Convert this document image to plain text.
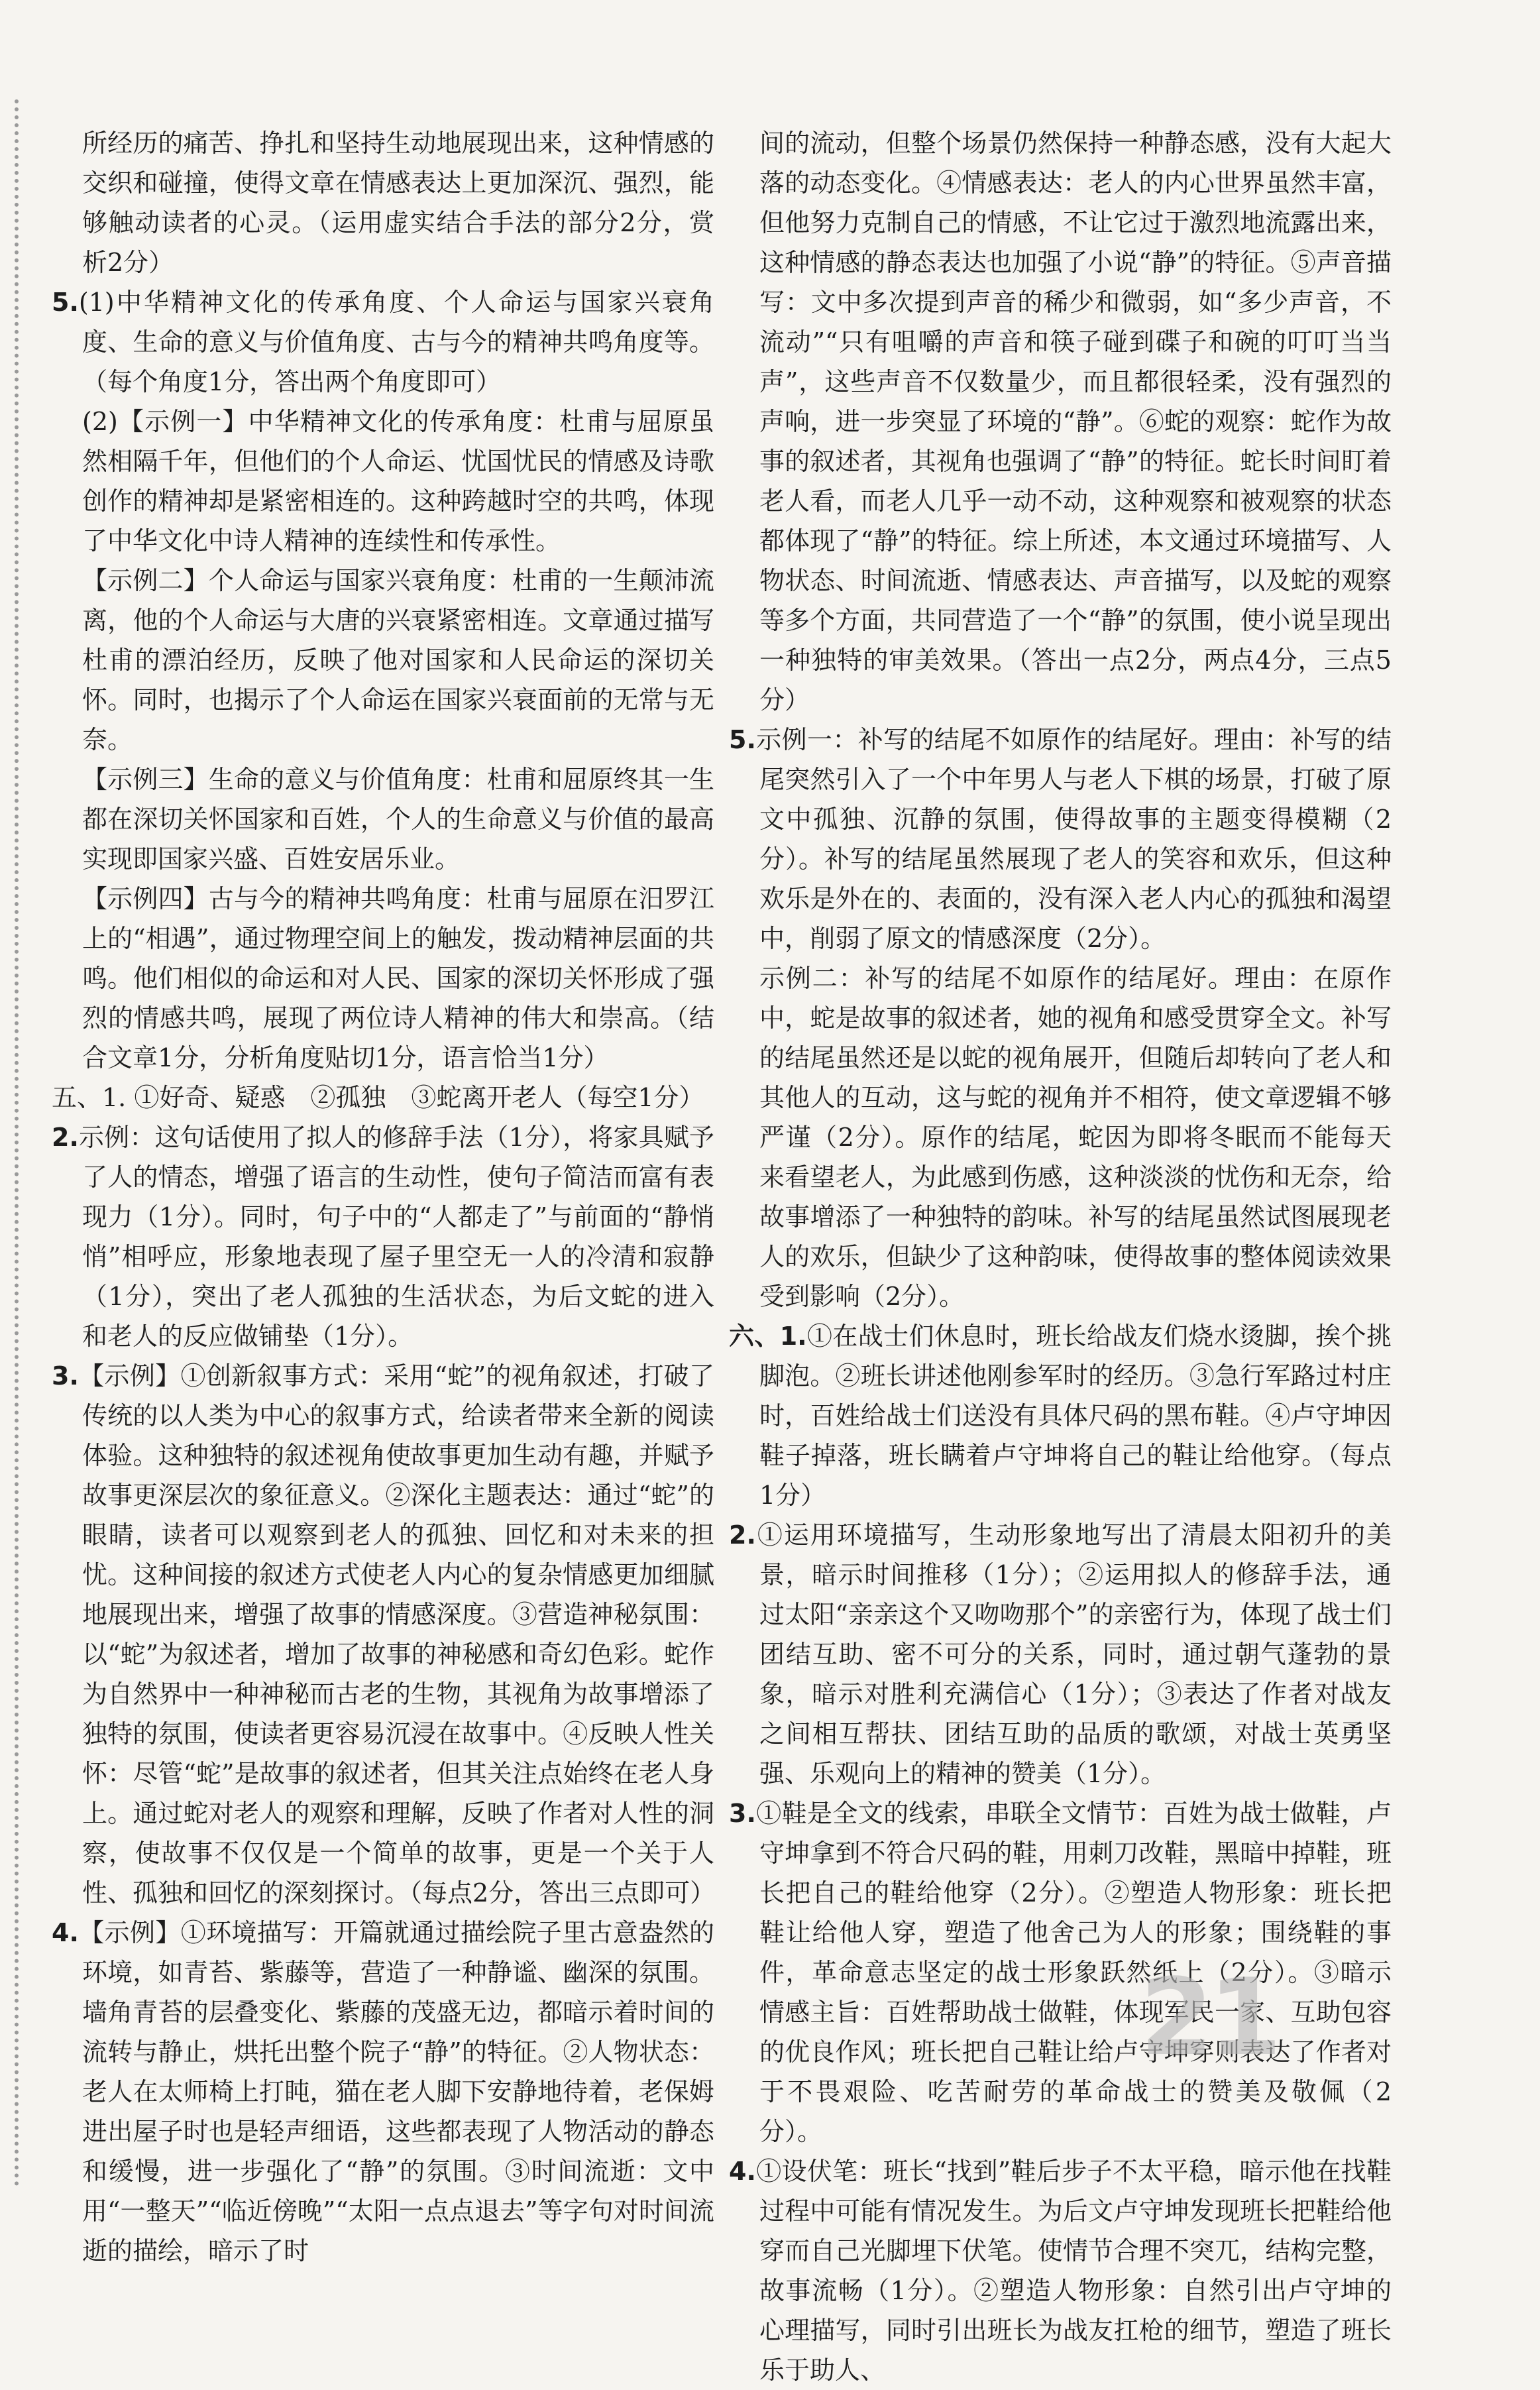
所经历的痛苦、挣扎和坚持生动地展现出来，这种情感的交织和碰撞，使得文章在情感表达上更加深沉、强烈，能够触动读者的心灵。（运用虚实结合手法的部分2分，赏析2分）

5.(1)中华精神文化的传承角度、个人命运与国家兴衰角度、生命的意义与价值角度、古与今的精神共鸣角度等。（每个角度1分，答出两个角度即可）

(2)【示例一】中华精神文化的传承角度：杜甫与屈原虽然相隔千年，但他们的个人命运、忧国忧民的情感及诗歌创作的精神却是紧密相连的。这种跨越时空的共鸣，体现了中华文化中诗人精神的连续性和传承性。

【示例二】个人命运与国家兴衰角度：杜甫的一生颠沛流离，他的个人命运与大唐的兴衰紧密相连。文章通过描写杜甫的漂泊经历，反映了他对国家和人民命运的深切关怀。同时，也揭示了个人命运在国家兴衰面前的无常与无奈。

【示例三】生命的意义与价值角度：杜甫和屈原终其一生都在深切关怀国家和百姓，个人的生命意义与价值的最高实现即国家兴盛、百姓安居乐业。

【示例四】古与今的精神共鸣角度：杜甫与屈原在汨罗江上的“相遇”，通过物理空间上的触发，拨动精神层面的共鸣。他们相似的命运和对人民、国家的深切关怀形成了强烈的情感共鸣，展现了两位诗人精神的伟大和崇高。（结合文章1分，分析角度贴切1分，语言恰当1分）

五、1. ①好奇、疑惑　②孤独　③蛇离开老人（每空1分）

2.示例：这句话使用了拟人的修辞手法（1分），将家具赋予了人的情态，增强了语言的生动性，使句子简洁而富有表现力（1分）。同时，句子中的“人都走了”与前面的“静悄悄”相呼应，形象地表现了屋子里空无一人的冷清和寂静（1分），突出了老人孤独的生活状态，为后文蛇的进入和老人的反应做铺垫（1分）。

3.【示例】①创新叙事方式：采用“蛇”的视角叙述，打破了传统的以人类为中心的叙事方式，给读者带来全新的阅读体验。这种独特的叙述视角使故事更加生动有趣，并赋予故事更深层次的象征意义。②深化主题表达：通过“蛇”的眼睛，读者可以观察到老人的孤独、回忆和对未来的担忧。这种间接的叙述方式使老人内心的复杂情感更加细腻地展现出来，增强了故事的情感深度。③营造神秘氛围：以“蛇”为叙述者，增加了故事的神秘感和奇幻色彩。蛇作为自然界中一种神秘而古老的生物，其视角为故事增添了独特的氛围，使读者更容易沉浸在故事中。④反映人性关怀：尽管“蛇”是故事的叙述者，但其关注点始终在老人身上。通过蛇对老人的观察和理解，反映了作者对人性的洞察，使故事不仅仅是一个简单的故事，更是一个关于人性、孤独和回忆的深刻探讨。（每点2分，答出三点即可）

4.【示例】①环境描写：开篇就通过描绘院子里古意盎然的环境，如青苔、紫藤等，营造了一种静谧、幽深的氛围。墙角青苔的层叠变化、紫藤的茂盛无边，都暗示着时间的流转与静止，烘托出整个院子“静”的特征。②人物状态：老人在太师椅上打盹，猫在老人脚下安静地待着，老保姆进出屋子时也是轻声细语，这些都表现了人物活动的静态和缓慢，进一步强化了“静”的氛围。③时间流逝：文中用“一整天”“临近傍晚”“太阳一点点退去”等字句对时间流逝的描绘，暗示了时

间的流动，但整个场景仍然保持一种静态感，没有大起大落的动态变化。④情感表达：老人的内心世界虽然丰富，但他努力克制自己的情感，不让它过于激烈地流露出来，这种情感的静态表达也加强了小说“静”的特征。⑤声音描写：文中多次提到声音的稀少和微弱，如“多少声音，不流动”“只有咀嚼的声音和筷子碰到碟子和碗的叮叮当当声”，这些声音不仅数量少，而且都很轻柔，没有强烈的声响，进一步突显了环境的“静”。⑥蛇的观察：蛇作为故事的叙述者，其视角也强调了“静”的特征。蛇长时间盯着老人看，而老人几乎一动不动，这种观察和被观察的状态都体现了“静”的特征。综上所述，本文通过环境描写、人物状态、时间流逝、情感表达、声音描写，以及蛇的观察等多个方面，共同营造了一个“静”的氛围，使小说呈现出一种独特的审美效果。（答出一点2分，两点4分，三点5分）

5.示例一：补写的结尾不如原作的结尾好。理由：补写的结尾突然引入了一个中年男人与老人下棋的场景，打破了原文中孤独、沉静的氛围，使得故事的主题变得模糊（2分）。补写的结尾虽然展现了老人的笑容和欢乐，但这种欢乐是外在的、表面的，没有深入老人内心的孤独和渴望中，削弱了原文的情感深度（2分）。

示例二：补写的结尾不如原作的结尾好。理由：在原作中，蛇是故事的叙述者，她的视角和感受贯穿全文。补写的结尾虽然还是以蛇的视角展开，但随后却转向了老人和其他人的互动，这与蛇的视角并不相符，使文章逻辑不够严谨（2分）。原作的结尾，蛇因为即将冬眠而不能每天来看望老人，为此感到伤感，这种淡淡的忧伤和无奈，给故事增添了一种独特的韵味。补写的结尾虽然试图展现老人的欢乐，但缺少了这种韵味，使得故事的整体阅读效果受到影响（2分）。

六、1.①在战士们休息时，班长给战友们烧水烫脚，挨个挑脚泡。②班长讲述他刚参军时的经历。③急行军路过村庄时，百姓给战士们送没有具体尺码的黑布鞋。④卢守坤因鞋子掉落，班长瞒着卢守坤将自己的鞋让给他穿。（每点1分）

2.①运用环境描写，生动形象地写出了清晨太阳初升的美景，暗示时间推移（1分）；②运用拟人的修辞手法，通过太阳“亲亲这个又吻吻那个”的亲密行为，体现了战士们团结互助、密不可分的关系，同时，通过朝气蓬勃的景象，暗示对胜利充满信心（1分）；③表达了作者对战友之间相互帮扶、团结互助的品质的歌颂，对战士英勇坚强、乐观向上的精神的赞美（1分）。

3.①鞋是全文的线索，串联全文情节：百姓为战士做鞋，卢守坤拿到不符合尺码的鞋，用刺刀改鞋，黑暗中掉鞋，班长把自己的鞋给他穿（2分）。②塑造人物形象：班长把鞋让给他人穿，塑造了他舍己为人的形象；围绕鞋的事件，革命意志坚定的战士形象跃然纸上（2分）。③暗示情感主旨：百姓帮助战士做鞋，体现军民一家、互助包容的优良作风；班长把自己鞋让给卢守坤穿则表达了作者对于不畏艰险、吃苦耐劳的革命战士的赞美及敬佩（2分）。

4.①设伏笔：班长“找到”鞋后步子不太平稳，暗示他在找鞋过程中可能有情况发生。为后文卢守坤发现班长把鞋给他穿而自己光脚埋下伏笔。使情节合理不突兀，结构完整，故事流畅（1分）。②塑造人物形象：自然引出卢守坤的心理描写，同时引出班长为战友扛枪的细节，塑造了班长乐于助人、

21
